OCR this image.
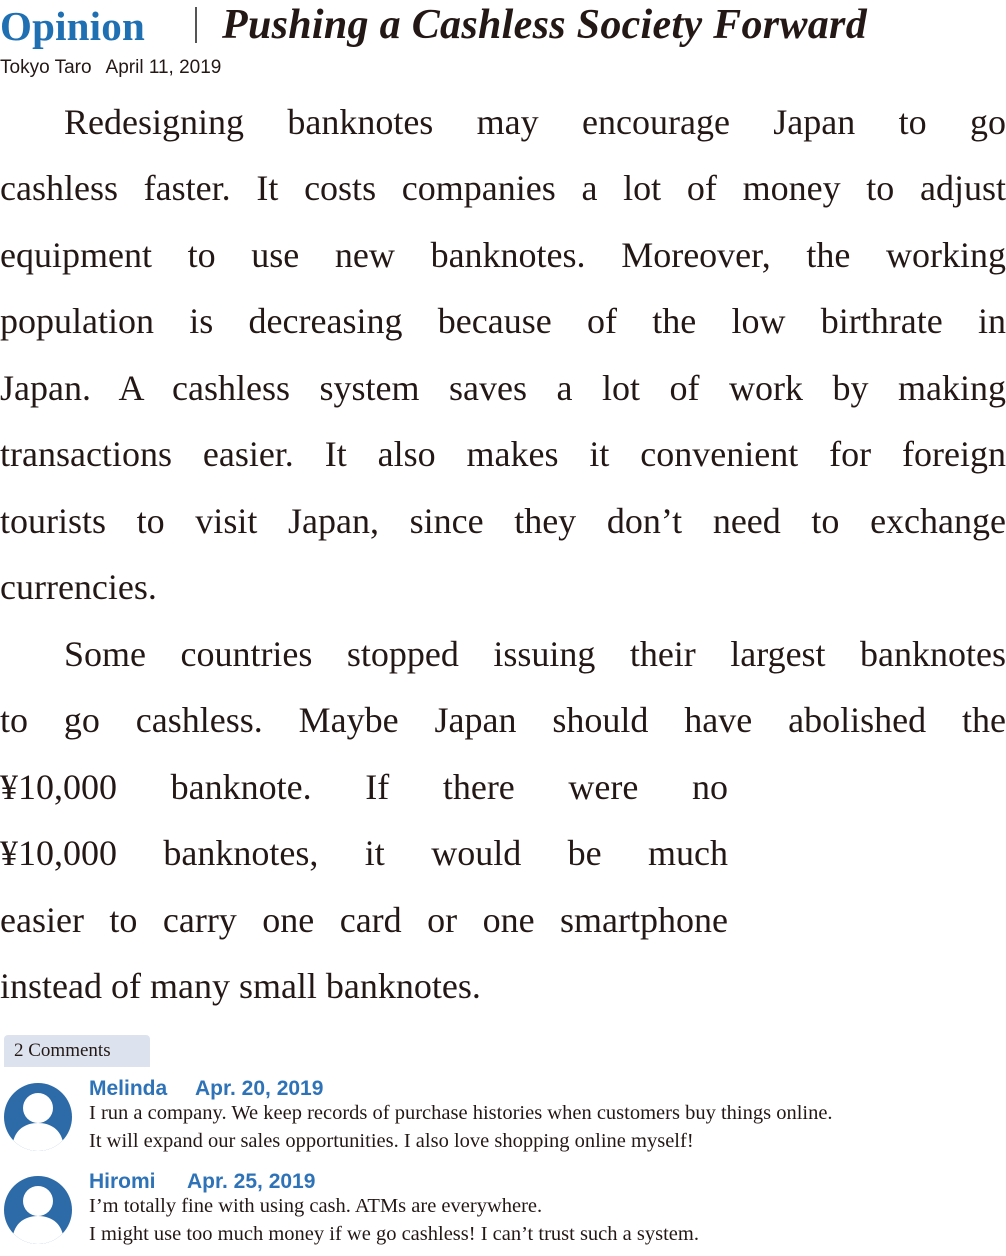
Opinion Pushing a Cashless Society Forward
Tokyo Taro April 11, 2019
Redesigning banknotes may encourage Japan to go
cashless faster. It costs companies a lot of money to adjust
equipment to use new banknotes. Moreover, the working
population is decreasing because of the low birthrate in
Japan. A cashless system saves a lot of work by making
transactions easier. It also makes it convenient for foreign
tourists to visit Japan, since they don’t need to exchange
currencies.
Some countries stopped issuing their largest banknotes
to go cashless. Maybe Japan should have abolished the
¥10,000 banknote. If there were no
¥10,000 banknotes, it would be much
easier to carry one card or one smartphone
instead of many small banknotes.
2 Comments
Melinda Apr. 20, 2019
I run a company. We keep records of purchase histories when customers buy things online.
It will expand our sales opportunities. I also love shopping online myself!
Hiromi Apr. 25, 2019
I’m totally fine with using cash. ATMs are everywhere.
I might use too much money if we go cashless! I can’t trust such a system.
